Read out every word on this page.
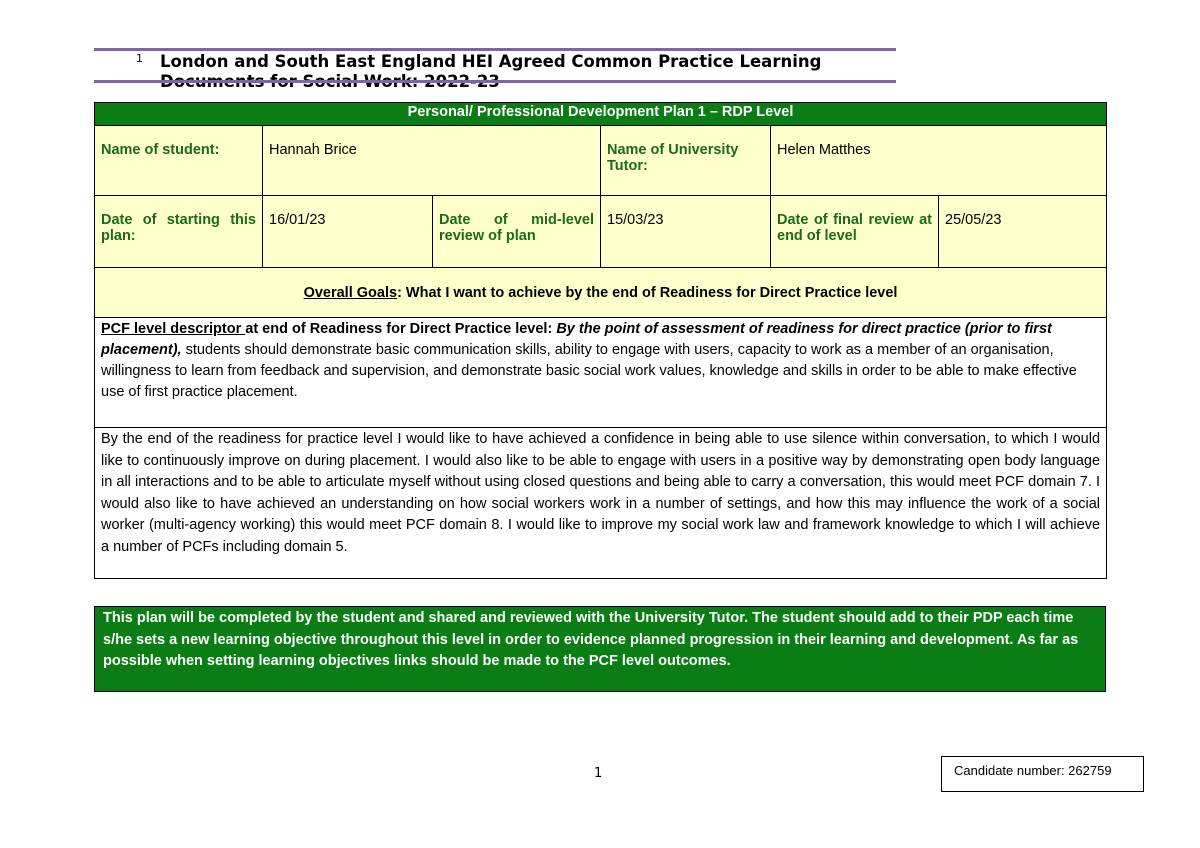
1 London and South East England HEI Agreed Common Practice Learning
Personal/ Professional Development Plan 1 – RDP Level					
Name of student:	Hannah Brice		Name of University Tutor:	Helen Matthes	
Date of starting this plan:	16/01/23	Date of mid-level review of plan	15/03/23	Date of final review at end of level	25/05/23
Overall Goals: What I want to achieve by the end of Readiness for Direct Practice level					
PCF level descriptor at end of Readiness for Direct Practice level: By the point of assessment of readiness for direct practice (prior to first placement), students should demonstrate basic communication skills, ability to engage with users, capacity to work as a member of an organisation, willingness to learn from feedback and supervision, and demonstrate basic social work values, knowledge and skills in order to be able to make effective use of first practice placement.					
By the end of the readiness for practice level I would like to have achieved a confidence in being able to use silence within conversation, to which I would like to continuously improve on during placement. I would also like to be able to engage with users in a positive way by demonstrating open body language in all interactions and to be able to articulate myself without using closed questions and being able to carry a conversation, this would meet PCF domain 7. I would also like to have achieved an understanding on how social workers work in a number of settings, and how this may influence the work of a social worker (multi-agency working) this would meet PCF domain 8. I would like to improve my social work law and framework knowledge to which I will achieve a number of PCFs including domain 5.					
This plan will be completed by the student and shared and reviewed with the University Tutor. The student should add to their PDP each time s/he sets a new learning objective throughout this level in order to evidence planned progression in their learning and development. As far as possible when setting learning objectives links should be made to the PCF level outcomes.
1	Candidate number: 262759
